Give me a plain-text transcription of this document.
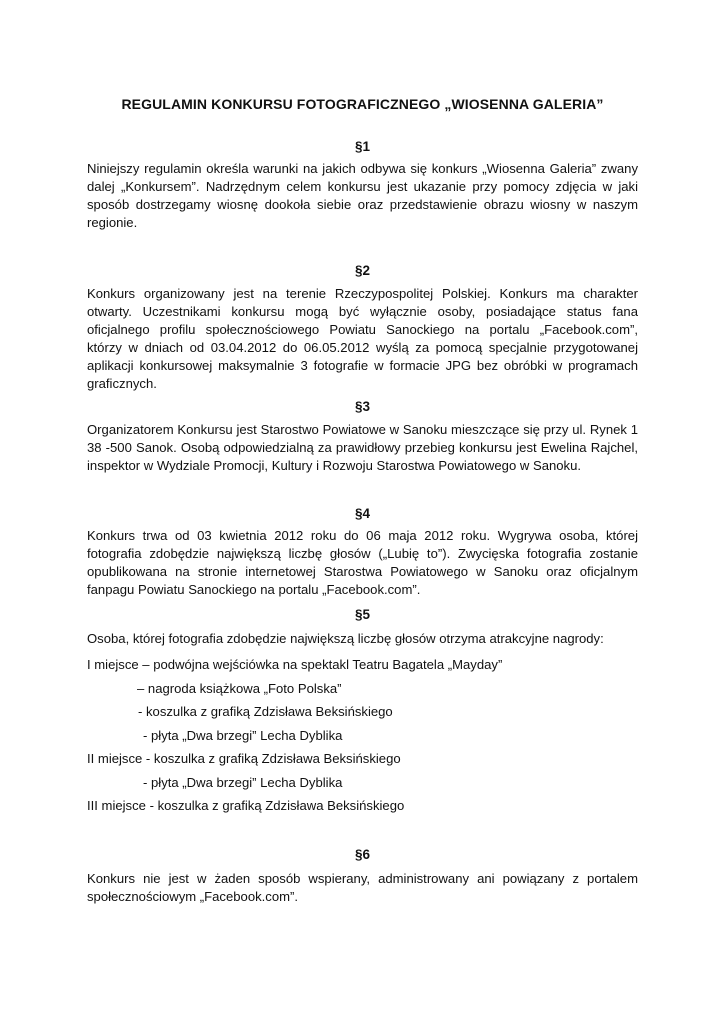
REGULAMIN KONKURSU FOTOGRAFICZNEGO „WIOSENNA GALERIA”
§1
Niniejszy regulamin określa warunki na jakich odbywa się konkurs „Wiosenna Galeria” zwany
dalej „Konkursem”. Nadrzędnym celem konkursu jest ukazanie przy pomocy zdjęcia w jaki
sposób dostrzegamy wiosnę dookoła siebie oraz przedstawienie obrazu wiosny w naszym
regionie.
§2
Konkurs organizowany jest na terenie Rzeczypospolitej Polskiej. Konkurs ma charakter
otwarty. Uczestnikami konkursu mogą być wyłącznie osoby, posiadające status fana
oficjalnego profilu społecznościowego Powiatu Sanockiego na portalu „Facebook.com”,
którzy w dniach od 03.04.2012 do 06.05.2012 wyślą za pomocą specjalnie przygotowanej
aplikacji konkursowej maksymalnie 3 fotografie w formacie JPG bez obróbki w programach
graficznych.
§3
Organizatorem Konkursu jest Starostwo Powiatowe w Sanoku mieszczące się przy ul. Rynek 1
38 -500 Sanok. Osobą odpowiedzialną za prawidłowy przebieg konkursu jest Ewelina Rajchel,
inspektor w Wydziale Promocji, Kultury i Rozwoju Starostwa Powiatowego w Sanoku.
§4
Konkurs trwa od 03 kwietnia 2012 roku do 06 maja 2012 roku. Wygrywa osoba, której
fotografia zdobędzie największą liczbę głosów („Lubię to”). Zwycięska fotografia zostanie
opublikowana na stronie internetowej Starostwa Powiatowego w Sanoku oraz oficjalnym
fanpagu Powiatu Sanockiego na portalu „Facebook.com”.
§5
Osoba, której fotografia zdobędzie największą liczbę głosów otrzyma atrakcyjne nagrody:
I miejsce – podwójna wejściówka na spektakl Teatru Bagatela „Mayday”
– nagroda książkowa „Foto Polska”
- koszulka z grafiką Zdzisława Beksińskiego
- płyta „Dwa brzegi” Lecha Dyblika
II miejsce - koszulka z grafiką Zdzisława Beksińskiego
- płyta „Dwa brzegi” Lecha Dyblika
III miejsce - koszulka z grafiką Zdzisława Beksińskiego
§6
Konkurs nie jest w żaden sposób wspierany, administrowany ani powiązany z portalem
społecznościowym „Facebook.com”.
